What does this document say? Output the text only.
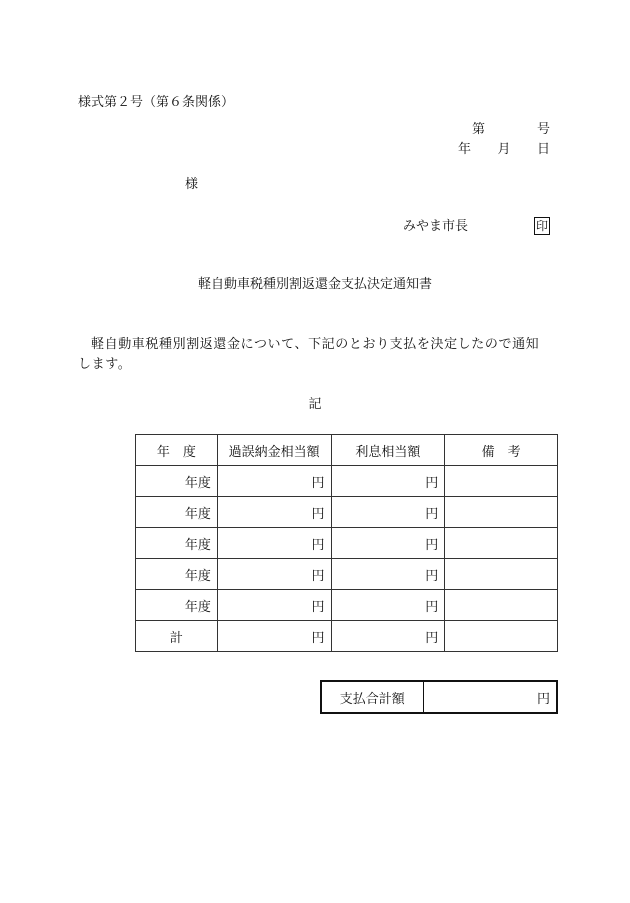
様式第２号（第６条関係）
第	号
年 月 日
様
みやま市長	印
軽自動車税種別割返還金支払決定通知書
軽自動車税種別割返還金について、下記のとおり支払を決定したので通知します。
記
年　度	過誤納金相当額	利息相当額	備　考
年度	円	円	
年度	円	円	
年度	円	円	
年度	円	円	
年度	円	円	
計	円	円	
支払合計額	円
